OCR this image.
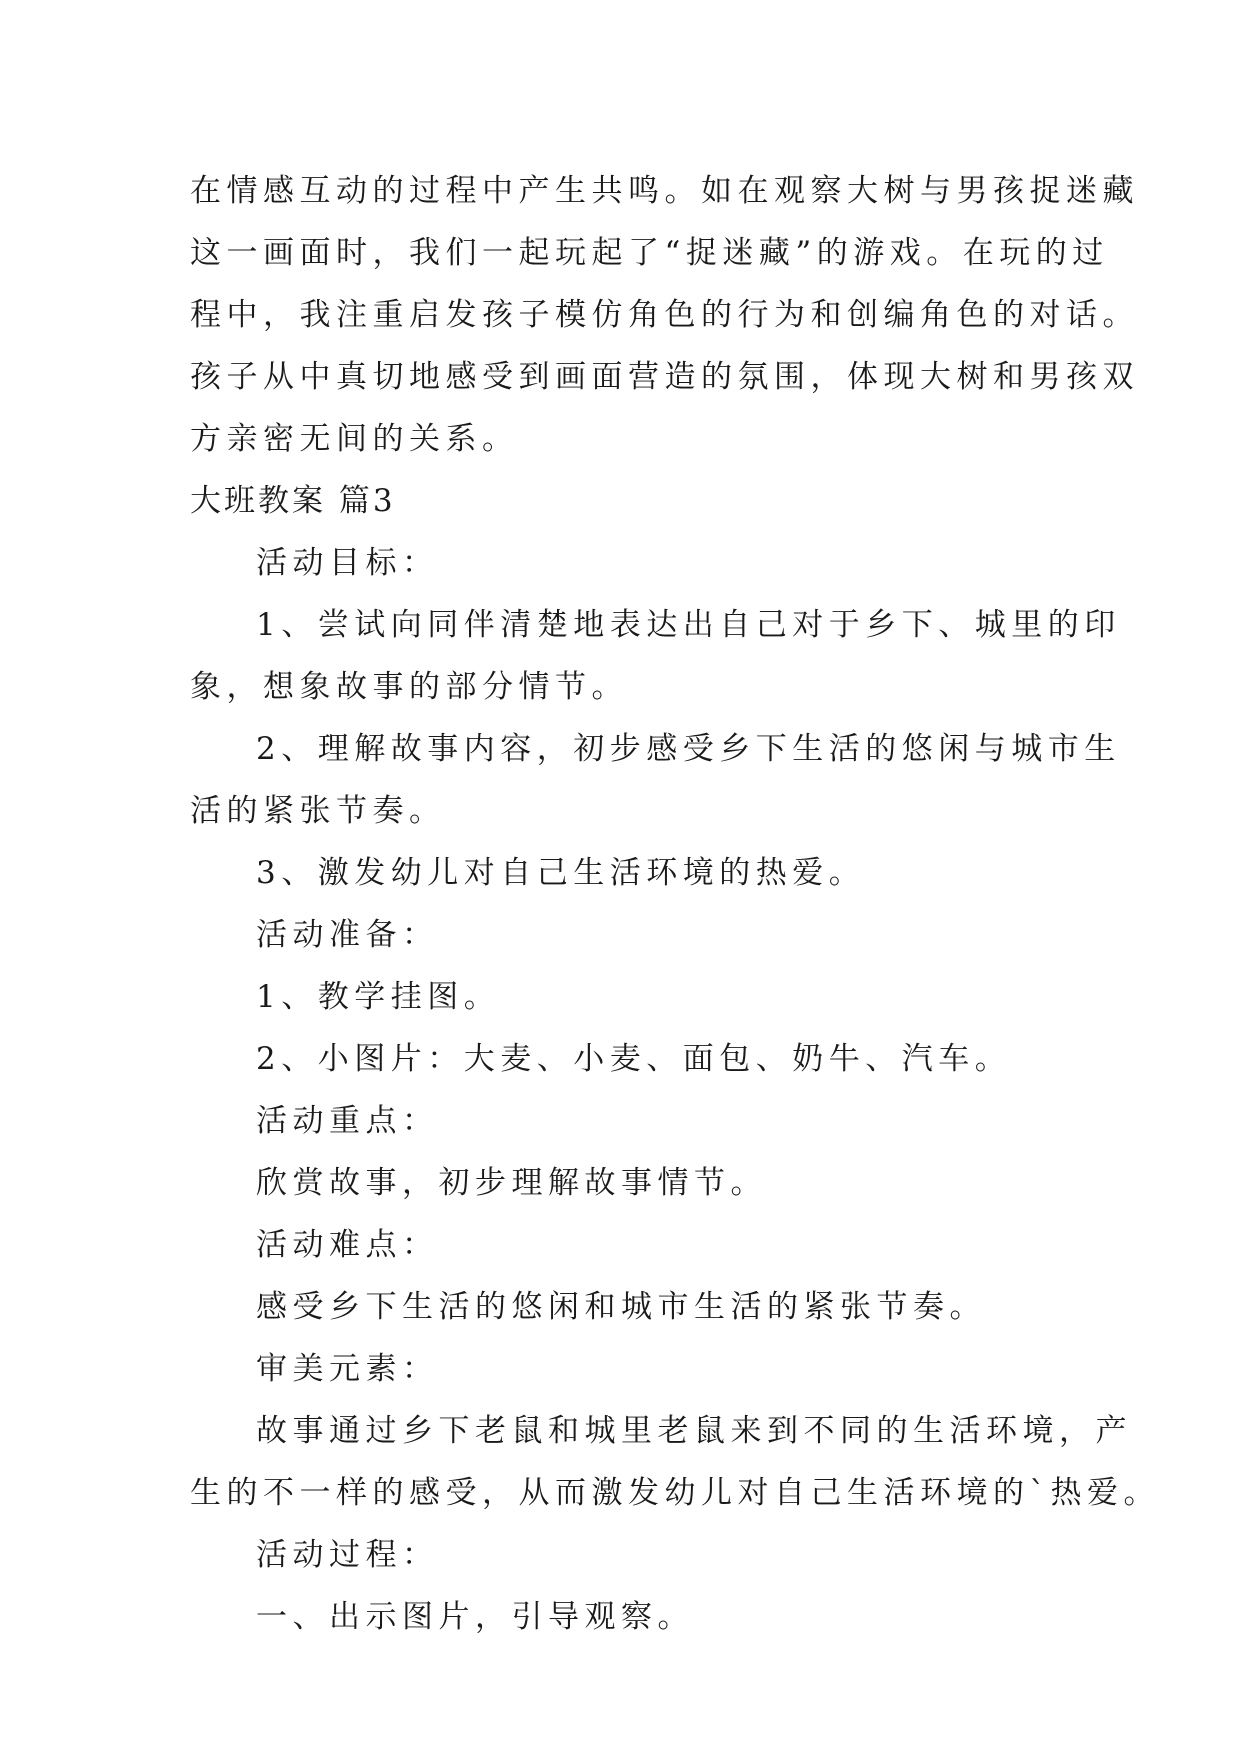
在情感互动的过程中产生共鸣。如在观察大树与男孩捉迷藏
这一画面时，我们一起玩起了“捉迷藏”的游戏。在玩的过
程中，我注重启发孩子模仿角色的行为和创编角色的对话。
孩子从中真切地感受到画面营造的氛围，体现大树和男孩双
方亲密无间的关系。
大班教案 篇3
活动目标：
1、尝试向同伴清楚地表达出自己对于乡下、城里的印
象，想象故事的部分情节。
2、理解故事内容，初步感受乡下生活的悠闲与城市生
活的紧张节奏。
3、激发幼儿对自己生活环境的热爱。
活动准备：
1、教学挂图。
2、小图片：大麦、小麦、面包、奶牛、汽车。
活动重点：
欣赏故事，初步理解故事情节。
活动难点：
感受乡下生活的悠闲和城市生活的紧张节奏。
审美元素：
故事通过乡下老鼠和城里老鼠来到不同的生活环境，产
生的不一样的感受，从而激发幼儿对自己生活环境的`热爱。
活动过程：
一、出示图片，引导观察。
